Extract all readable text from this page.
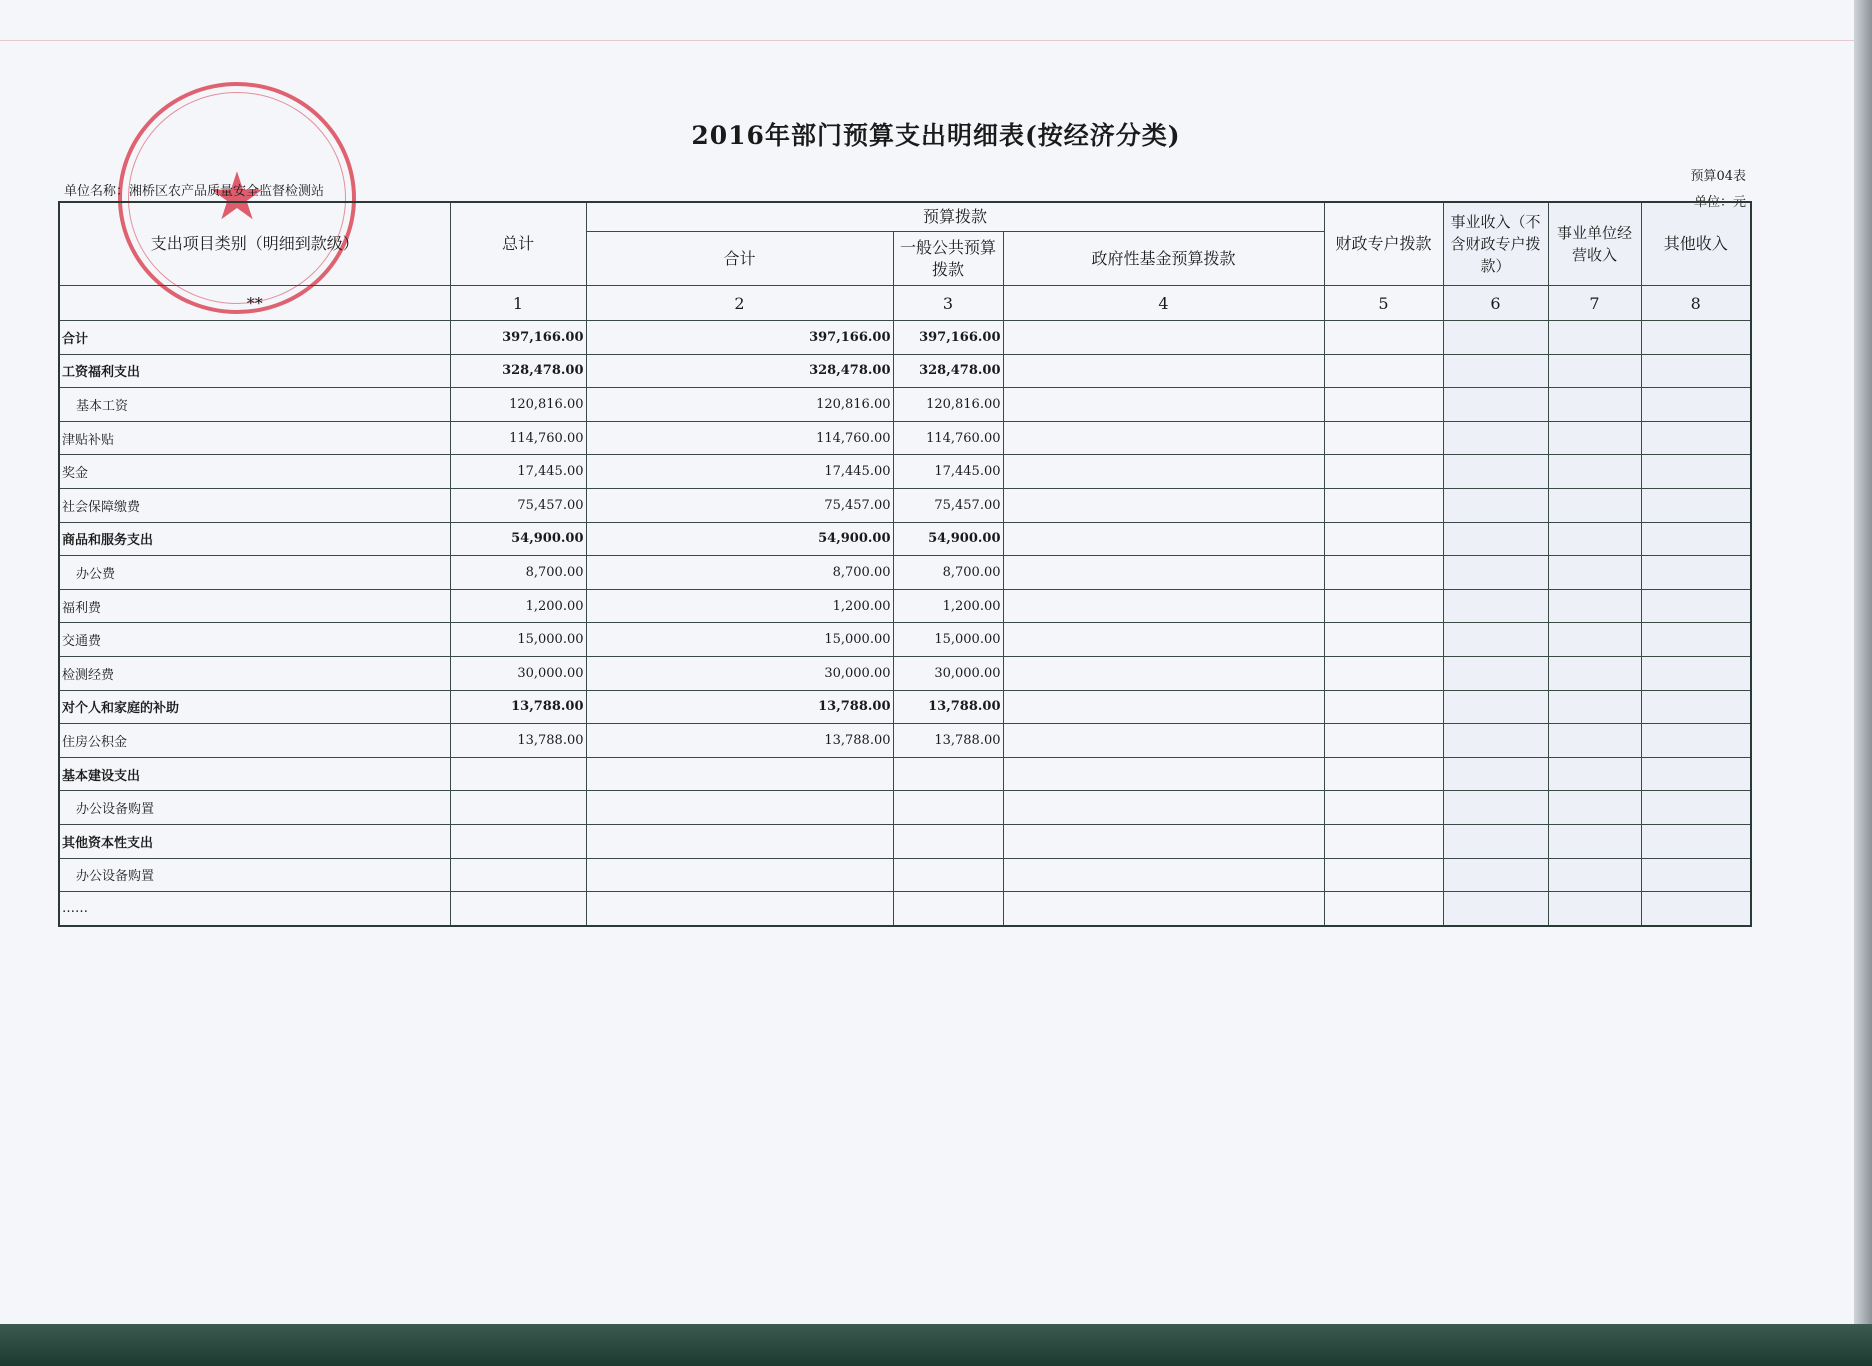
★
2016年部门预算支出明细表(按经济分类)
单位名称：湘桥区农产品质量安全监督检测站
预算04表
单位：元
支出项目类别（明细到款级）	总计	预算拨款			财政专户拨款	事业收入（不含财政专户拨款）	事业单位经营收入	其他收入
		合计	一般公共预算拨款	政府性基金预算拨款				
**	1	2	3	4	5	6	7	8
合计	397,166.00	397,166.00	397,166.00					
工资福利支出	328,478.00	328,478.00	328,478.00					
基本工资	120,816.00	120,816.00	120,816.00					
津贴补贴	114,760.00	114,760.00	114,760.00					
奖金	17,445.00	17,445.00	17,445.00					
社会保障缴费	75,457.00	75,457.00	75,457.00					
商品和服务支出	54,900.00	54,900.00	54,900.00					
办公费	8,700.00	8,700.00	8,700.00					
福利费	1,200.00	1,200.00	1,200.00					
交通费	15,000.00	15,000.00	15,000.00					
检测经费	30,000.00	30,000.00	30,000.00					
对个人和家庭的补助	13,788.00	13,788.00	13,788.00					
住房公积金	13,788.00	13,788.00	13,788.00					
基本建设支出								
办公设备购置								
其他资本性支出								
办公设备购置								
……								
